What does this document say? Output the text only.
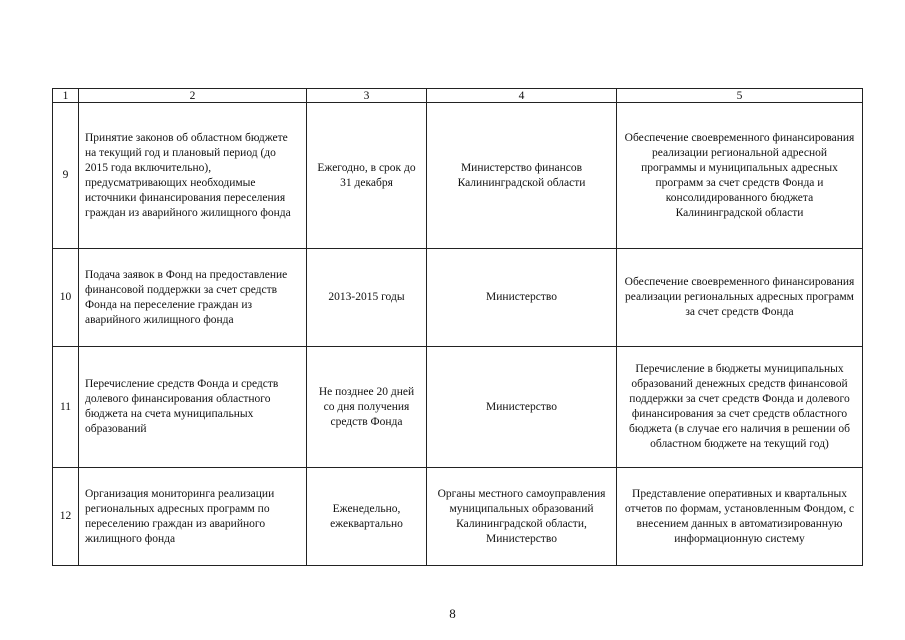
1	2	3	4	5
9	Принятие законов об областном бюджете на текущий год и плановый период (до 2015 года включительно), предусматривающих необходимые источники финансирования переселения граждан из аварийного жилищного фонда	Ежегодно, в срок до 31 декабря	Министерство финансов Калининградской области	Обеспечение своевременного финансирования реализации региональной адресной программы и муниципальных адресных программ за счет средств Фонда и консолидированного бюджета Калининградской области
10	Подача заявок в Фонд на предоставление финансовой поддержки за счет средств Фонда на переселение граждан из аварийного жилищного фонда	2013-2015 годы	Министерство	Обеспечение своевременного финансирования реализации региональных адресных программ за счет средств Фонда
11	Перечисление средств Фонда и средств долевого финансирования областного бюджета на счета муниципальных образований	Не позднее 20 дней со дня получения средств Фонда	Министерство	Перечисление в бюджеты муниципальных образований денежных средств финансовой поддержки за счет средств Фонда и долевого финансирования за счет средств областного бюджета (в случае его наличия в решении об областном бюджете на текущий год)
12	Организация мониторинга реализации региональных адресных программ по переселению граждан из аварийного жилищного фонда	Еженедельно, ежеквартально	Органы местного самоуправления муниципальных образований Калининградской области, Министерство	Представление оперативных и квартальных отчетов по формам, установленным Фондом, с внесением данных в автоматизированную информационную систему
8
